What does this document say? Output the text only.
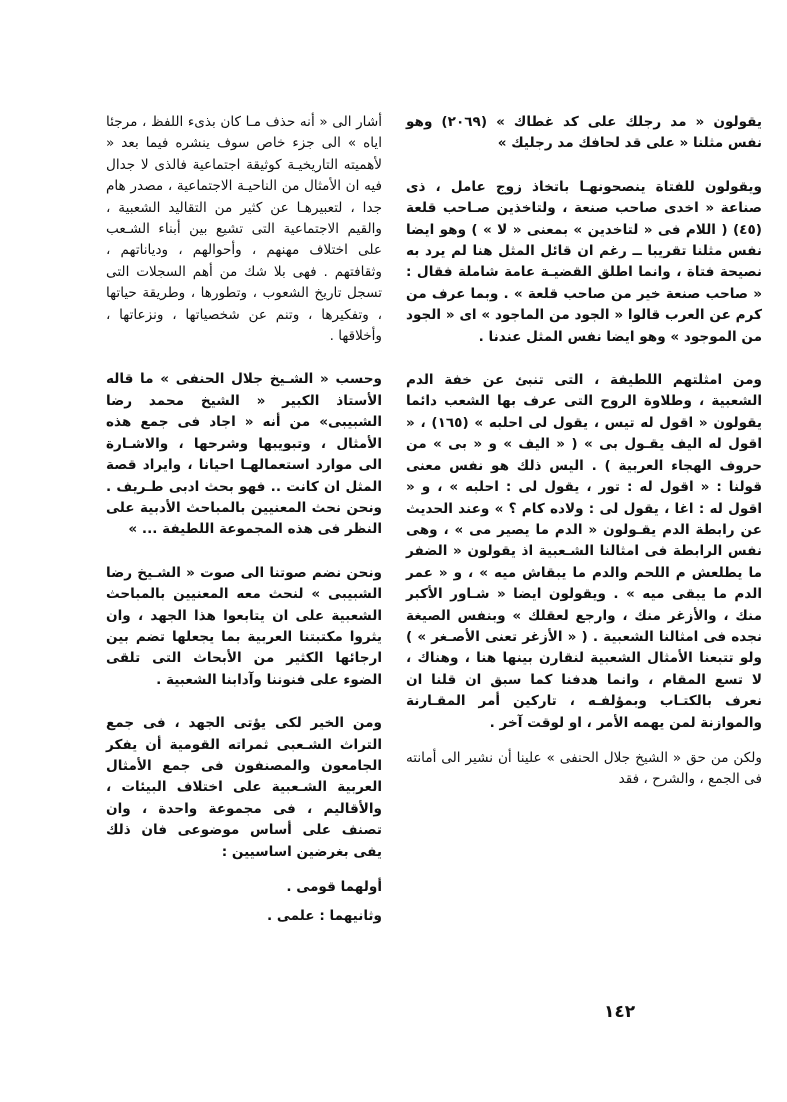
يقولون « مد رجلك على كد غطاك » (٢٠٦٩) وهو نفس مثلنا « على قد لحافك مد رجليك »

ويقولون للفتاة ينصحونهـا باتخاذ زوج عامل ، ذى صناعة « اخدى صاحب صنعة ، ولتاخذين صـاحب قلعة (٤٥) ( اللام فى « لتاخدين » بمعنى « لا » ) وهو ايضا نفس مثلنا تقريبا ــ رغم ان قائل المثل هنا لم يرد به نصيحة فتاة ، وانما اطلق القضيـة عامة شاملة فقال : « صاحب صنعة خير من صاحب قلعة » . وبما عرف من كرم عن العرب قالوا « الجود من الماجود » اى « الجود من الموجود » وهو ايضا نفس المثل عندنا .

ومن امثلتهم اللطيفة ، التى تنبئ عن خفة الدم الشعبية ، وطلاوة الروح التى عرف بها الشعب دائما يقولون « اقول له تيس ، يقول لى احلبه » (١٦٥) ، « اقول له اليف يقـول بى » ( « اليف » و « بى » من حروف الهجاء العربية ) . اليس ذلك هو نفس معنى قولنا : « اقول له : تور ، يقول لى : احلبه » ، و « اقول له : اغا ، يقول لى : ولاده كام ؟ » وعند الحديث عن رابطة الدم يقـولون « الدم ما يصير مى » ، وهى نفس الرابطة فى امثالنا الشـعبية اذ يقولون « الضفر ما يطلعش م اللحم والدم ما يبقاش ميه » ، و « عمر الدم ما يبقى ميه » . ويقولون ايضا « شـاور الأكبر منك ، والأزغر منك ، وارجع لعقلك » وبنفس الصيغة نجده فى امثالنا الشعبية . ( « الأزغر تعنى الأصـغر » ) ولو تتبعنا الأمثال الشعبية لنقارن بينها هنا ، وهناك ، لا تسع المقام ، وانما هدفنا كما سبق ان قلنا ان نعرف بالكتـاب وبمؤلفـه ، تاركين أمر المقـارنة والموازنة لمن يهمه الأمر ، او لوقت آخر .

ولكن من حق « الشيخ جلال الحنفى » علينا أن نشير الى أمانته فى الجمع ، والشرح ، فقد

أشار الى « أنه حذف مـا كان بذىء اللفظ ، مرجئا اياه » الى جزء خاص سوف ينشره فيما بعد « لأهميته التاريخيـة كوثيقة اجتماعية فالذى لا جدال فيه ان الأمثال من الناحيـة الاجتماعية ، مصدر هام جدا ، لتعبيرهـا عن كثير من التقاليد الشعبية ، والقيم الاجتماعية التى تشيع بين أبناء الشـعب على اختلاف مهنهم ، وأحوالهم ، ودياناتهم ، وثقافتهم . فهى بلا شك من أهم السجلات التى تسجل تاريخ الشعوب ، وتطورها ، وطريقة حياتها ، وتفكيرها ، وتنم عن شخصياتها ، ونزعاتها ، وأخلاقها .

وحسب « الشـيخ جلال الحنفى » ما قاله الأستاذ الكبير « الشيخ محمد رضا الشبيبى» من أنه « اجاد فى جمع هذه الأمثال ، وتبويبها وشرحها ، والاشـارة الى موارد استعمالهـا احيانا ، وايراد قصة المثل ان كانت .. فهو بحث ادبى طـريف . ونحن نحث المعنيين بالمباحث الأدبية على النظر فى هذه المجموعة اللطيفة ... »

ونحن نضم صوتنا الى صوت « الشـيخ رضا الشبيبى » لنحث معه المعنيين بالمباحث الشعبية على ان يتابعوا هذا الجهد ، وان يثروا مكتبتنا العربية بما يجعلها تضم بين ارجائها الكثير من الأبحاث التى تلقى الضوء على فنوننا وآدابنا الشعبية .

ومن الخير لكى يؤتى الجهد ، فى جمع التراث الشـعبى ثمراته القومية أن يفكر الجامعون والمصنفون فى جمع الأمثال العربية الشـعبية على اختلاف البيئات ، والأقاليم ، فى مجموعة واحدة ، وان تصنف على أساس موضوعى فان ذلك يفى بغرضين اساسيين :

أولهما قومى .

وثانيهما : علمى .

١٤٢
